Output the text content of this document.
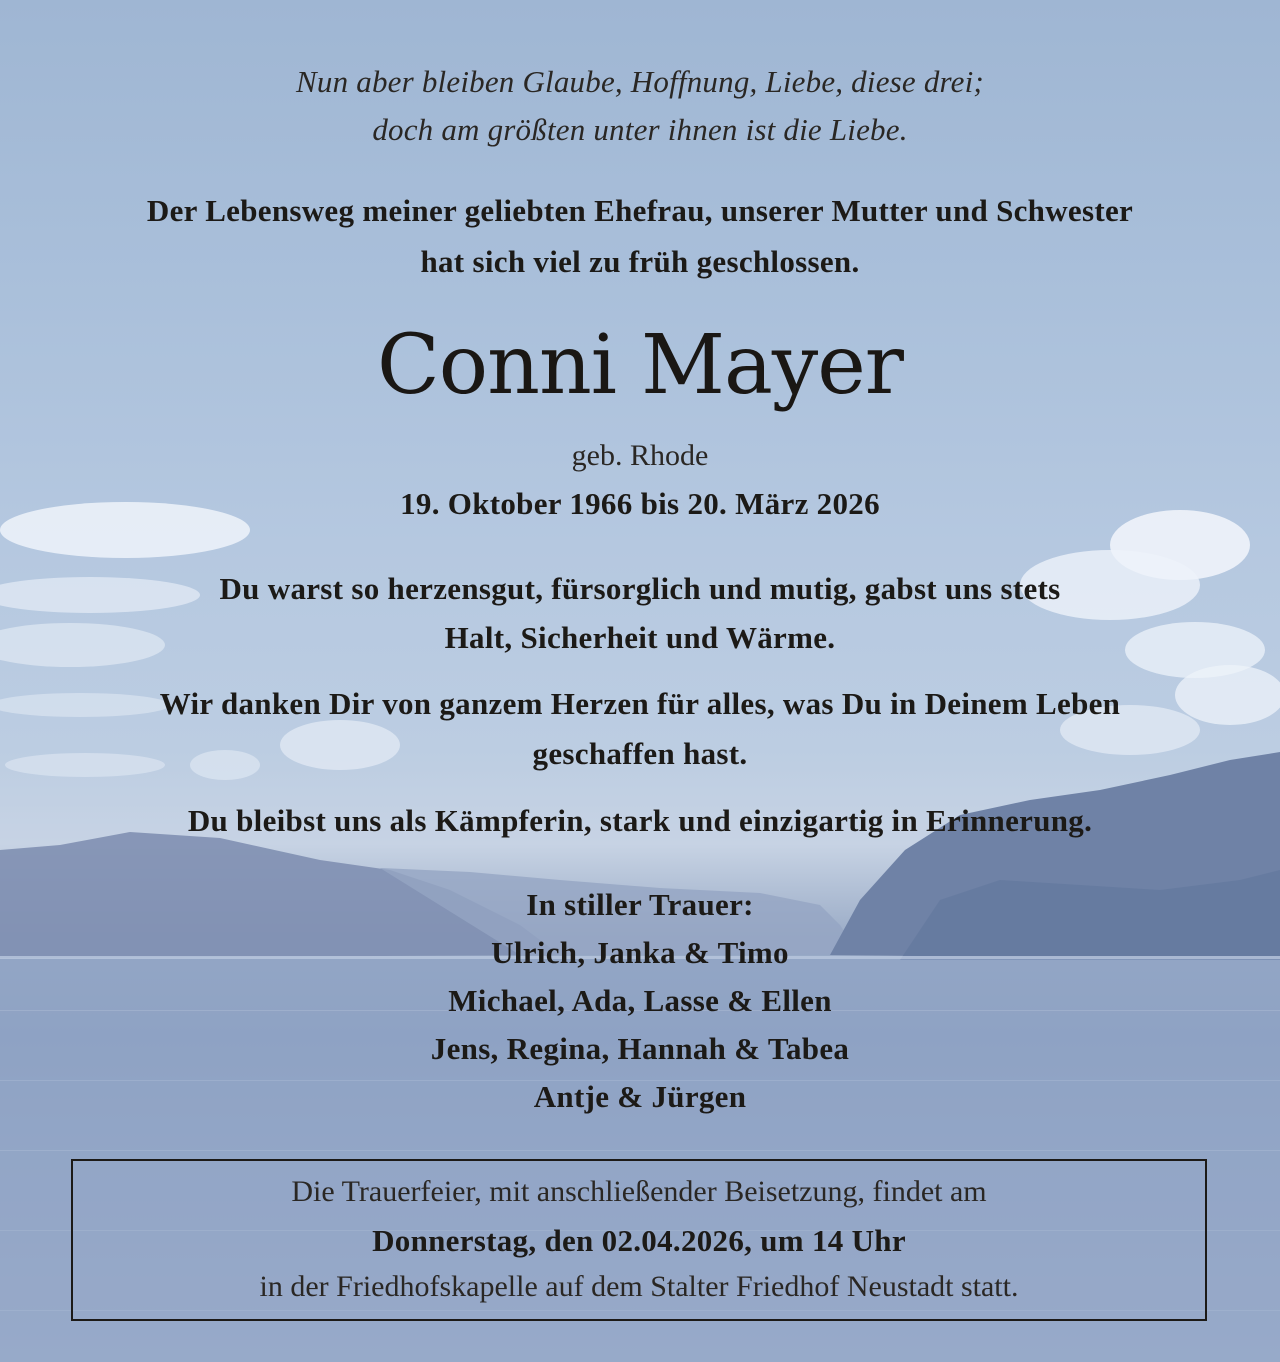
Nun aber bleiben Glaube, Hoffnung, Liebe, diese drei;
doch am größten unter ihnen ist die Liebe.
Der Lebensweg meiner geliebten Ehefrau, unserer Mutter und Schwester
hat sich viel zu früh geschlossen.
Conni Mayer
geb. Rhode
19. Oktober 1966 bis 20. März 2026
Du warst so herzensgut, fürsorglich und mutig, gabst uns stets
Halt, Sicherheit und Wärme.
Wir danken Dir von ganzem Herzen für alles, was Du in Deinem Leben
geschaffen hast.
Du bleibst uns als Kämpferin, stark und einzigartig in Erinnerung.
In stiller Trauer:
Ulrich, Janka & Timo
Michael, Ada, Lasse & Ellen
Jens, Regina, Hannah & Tabea
Antje & Jürgen
Die Trauerfeier, mit anschließender Beisetzung, findet am
Donnerstag, den 02.04.2026, um 14 Uhr
in der Friedhofskapelle auf dem Stalter Friedhof Neustadt statt.
